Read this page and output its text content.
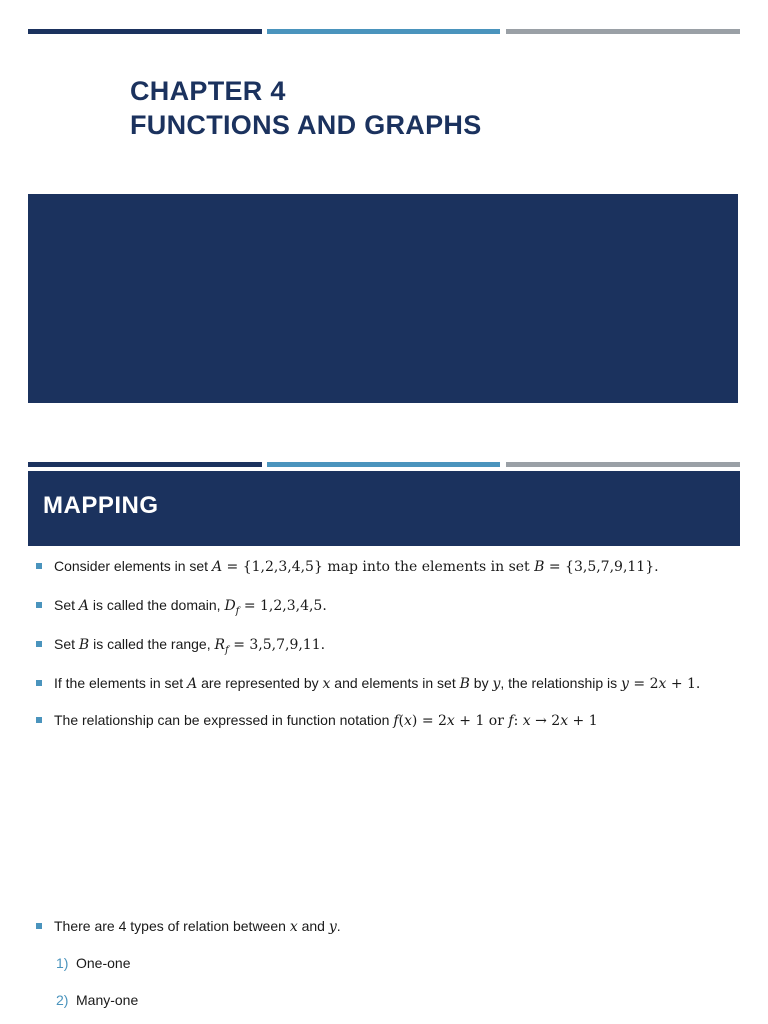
CHAPTER 4
FUNCTIONS AND GRAPHS
MAPPING
Consider elements in set A = {1,2,3,4,5} map into the elements in set B = {3,5,7,9,11}.
Set A is called the domain, $D_f = 1,2,3,4,5$.
Set B is called the range, $R_f = 3,5,7,9,11$.
If the elements in set A are represented by x and elements in set B by y, the relationship is y = 2x + 1.
The relationship can be expressed in function notation f(x) = 2x + 1 or f: x → 2x + 1
There are 4 types of relation between x and y.
1) One-one
2) Many-one
